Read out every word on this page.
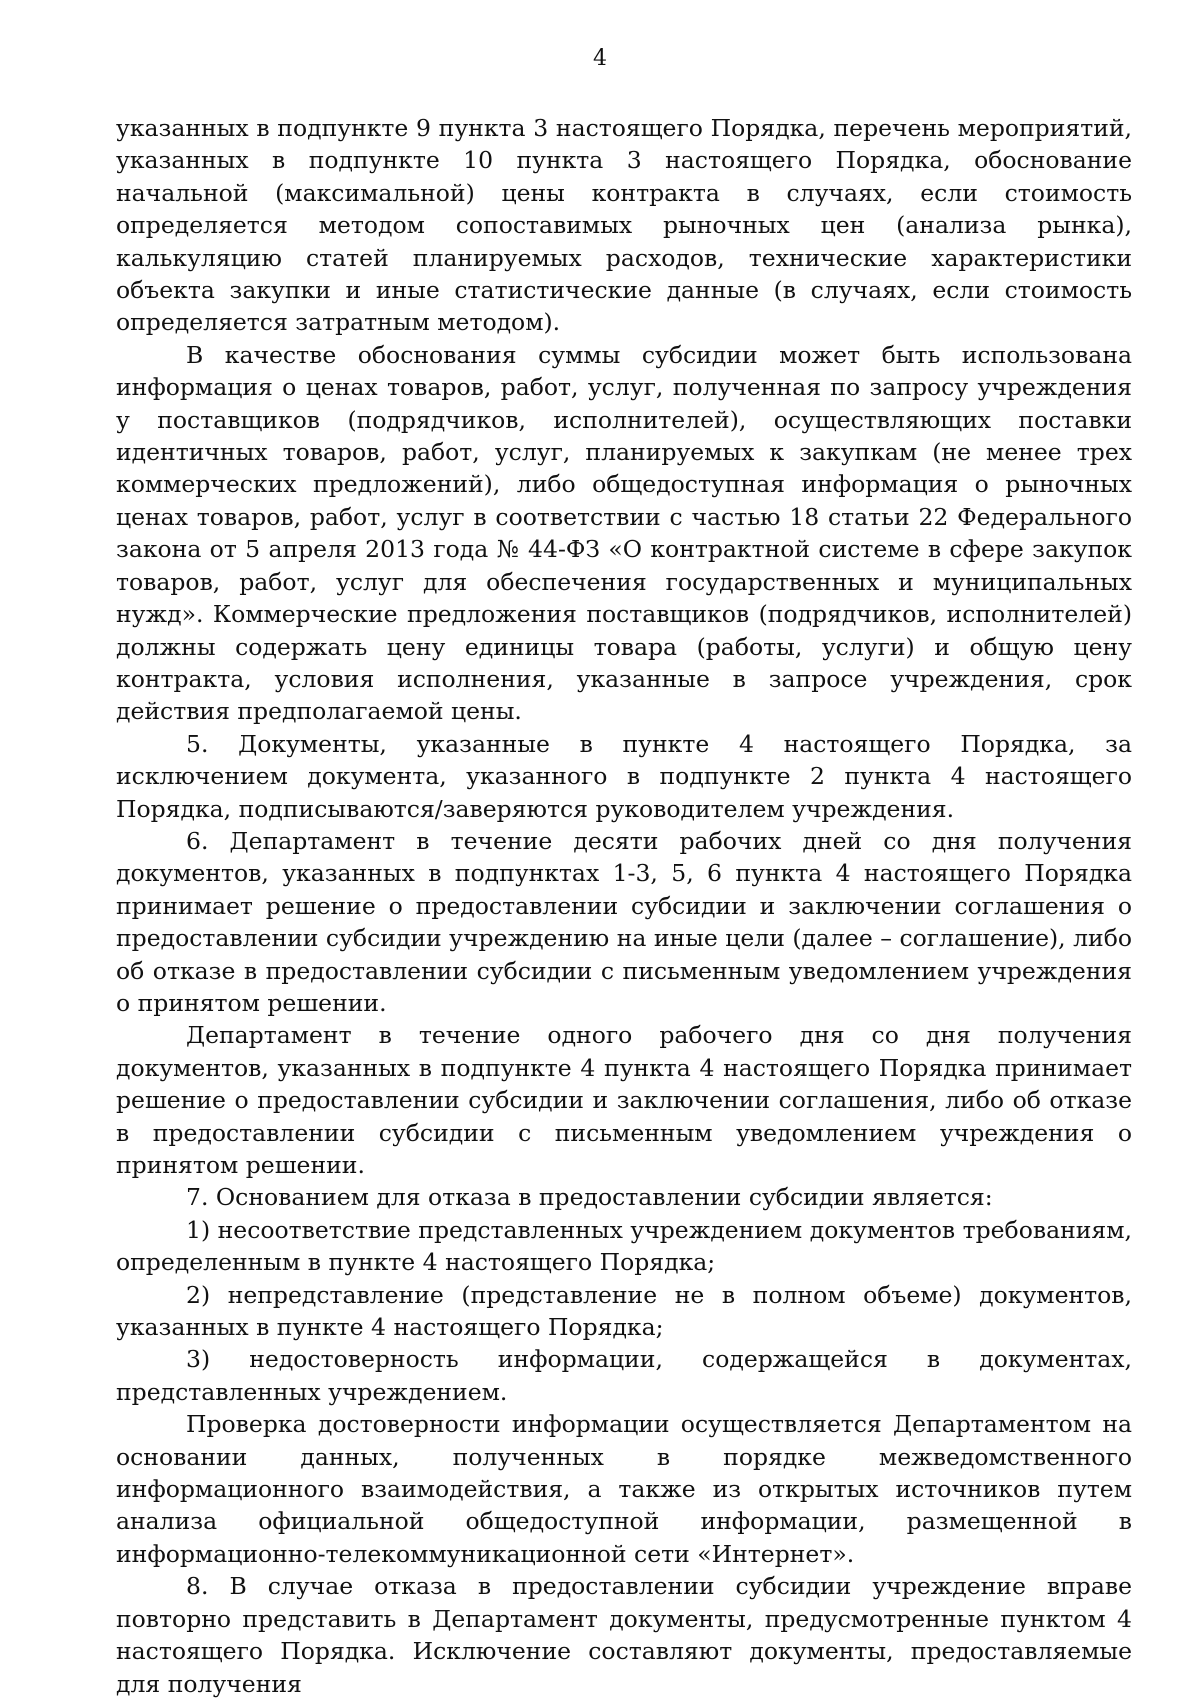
4

указанных в подпункте 9 пункта 3 настоящего Порядка, перечень мероприятий, указанных в подпункте 10 пункта 3 настоящего Порядка, обоснование начальной (максимальной) цены контракта в случаях, если стоимость определяется методом сопоставимых рыночных цен (анализа рынка), калькуляцию статей планируемых расходов, технические характеристики объекта закупки и иные статистические данные (в случаях, если стоимость определяется затратным методом).

В качестве обоснования суммы субсидии может быть использована информация о ценах товаров, работ, услуг, полученная по запросу учреждения у поставщиков (подрядчиков, исполнителей), осуществляющих поставки идентичных товаров, работ, услуг, планируемых к закупкам (не менее трех коммерческих предложений), либо общедоступная информация о рыночных ценах товаров, работ, услуг в соответствии с частью 18 статьи 22 Федерального закона от 5 апреля 2013 года № 44-ФЗ «О контрактной системе в сфере закупок товаров, работ, услуг для обеспечения государственных и муниципальных нужд». Коммерческие предложения поставщиков (подрядчиков, исполнителей) должны содержать цену единицы товара (работы, услуги) и общую цену контракта, условия исполнения, указанные в запросе учреждения, срок действия предполагаемой цены.

5. Документы, указанные в пункте 4 настоящего Порядка, за исключением документа, указанного в подпункте 2 пункта 4 настоящего Порядка, подписываются/заверяются руководителем учреждения.

6. Департамент в течение десяти рабочих дней со дня получения документов, указанных в подпунктах 1-3, 5, 6 пункта 4 настоящего Порядка принимает решение о предоставлении субсидии и заключении соглашения о предоставлении субсидии учреждению на иные цели (далее – соглашение), либо об отказе в предоставлении субсидии с письменным уведомлением учреждения о принятом решении.

Департамент в течение одного рабочего дня со дня получения документов, указанных в подпункте 4 пункта 4 настоящего Порядка принимает решение о предоставлении субсидии и заключении соглашения, либо об отказе в предоставлении субсидии с письменным уведомлением учреждения о принятом решении.

7. Основанием для отказа в предоставлении субсидии является:

1) несоответствие представленных учреждением документов требованиям, определенным в пункте 4 настоящего Порядка;

2) непредставление (представление не в полном объеме) документов, указанных в пункте 4 настоящего Порядка;

3) недостоверность информации, содержащейся в документах, представленных учреждением.

Проверка достоверности информации осуществляется Департаментом на основании данных, полученных в порядке межведомственного информационного взаимодействия, а также из открытых источников путем анализа официальной общедоступной информации, размещенной в информационно-телекоммуникационной сети «Интернет».

8. В случае отказа в предоставлении субсидии учреждение вправе повторно представить в Департамент документы, предусмотренные пунктом 4 настоящего Порядка. Исключение составляют документы, предоставляемые для получения
